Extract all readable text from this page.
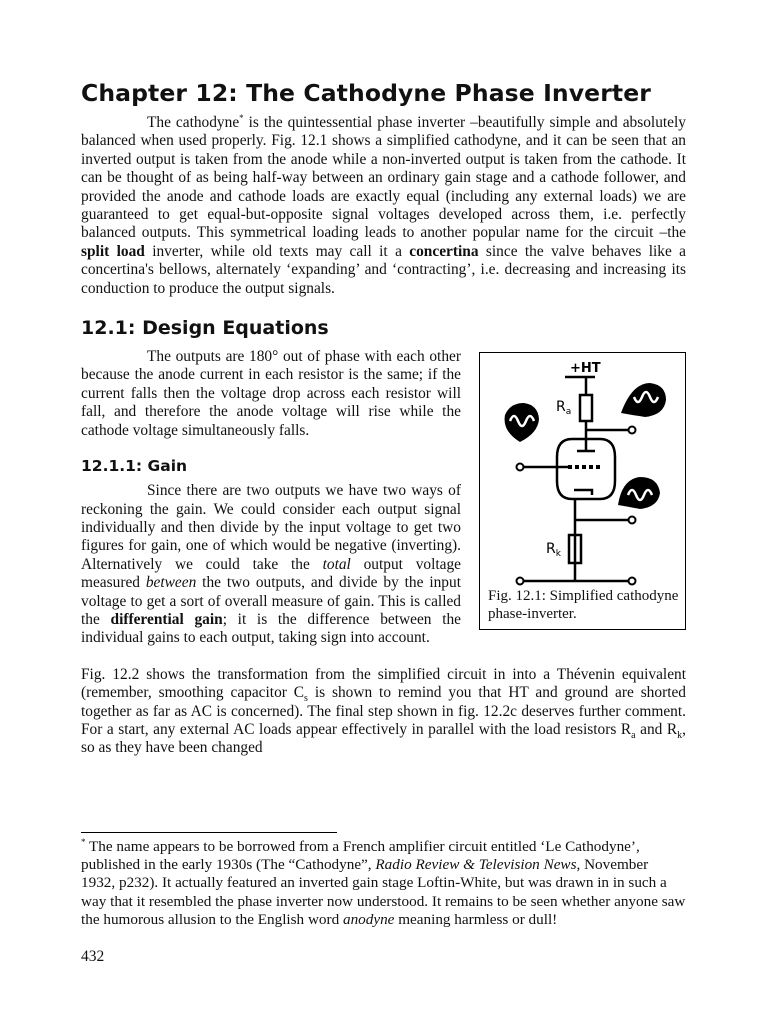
Chapter 12: The Cathodyne Phase Inverter

The cathodyne* is the quintessential phase inverter –beautifully simple and absolutely balanced when used properly. Fig. 12.1 shows a simplified cathodyne, and it can be seen that an inverted output is taken from the anode while a non-inverted output is taken from the cathode. It can be thought of as being half-way between an ordinary gain stage and a cathode follower, and provided the anode and cathode loads are exactly equal (including any external loads) we are guaranteed to get equal-but-opposite signal voltages developed across them, i.e. perfectly balanced outputs. This symmetrical loading leads to another popular name for the circuit –the split load inverter, while old texts may call it a concertina since the valve behaves like a concertina's bellows, alternately ‘expanding’ and ‘contracting’, i.e. decreasing and increasing its conduction to produce the output signals.

12.1: Design Equations
+HT
$R_a$
$R_k$
Fig. 12.1: Simplified cathodyne phase-inverter.

The outputs are 180° out of phase with each other because the anode current in each resistor is the same; if the current falls then the voltage drop across each resistor will fall, and therefore the anode voltage will rise while the cathode voltage simultaneously falls.

12.1.1: Gain

Since there are two outputs we have two ways of reckoning the gain. We could consider each output signal individually and then divide by the input voltage to get two figures for gain, one of which would be negative (inverting). Alternatively we could take the total output voltage measured between the two outputs, and divide by the input voltage to get a sort of overall measure of gain. This is called the differential gain; it is the difference between the individual gains to each output, taking sign into account.

Fig. 12.2 shows the transformation from the simplified circuit in into a Thévenin equivalent (remember, smoothing capacitor $C_s$ is shown to remind you that HT and ground are shorted together as far as AC is concerned). The final step shown in fig. 12.2c deserves further comment. For a start, any external AC loads appear effectively in parallel with the load resistors $R_a$ and $R_k$, so as they have been changed

* The name appears to be borrowed from a French amplifier circuit entitled ‘Le Cathodyne’, published in the early 1930s (The “Cathodyne”, Radio Review & Television News, November 1932, p232). It actually featured an inverted gain stage Loftin-White, but was drawn in in such a way that it resembled the phase inverter now understood. It remains to be seen whether anyone saw the humorous allusion to the English word anodyne meaning harmless or dull!

432
